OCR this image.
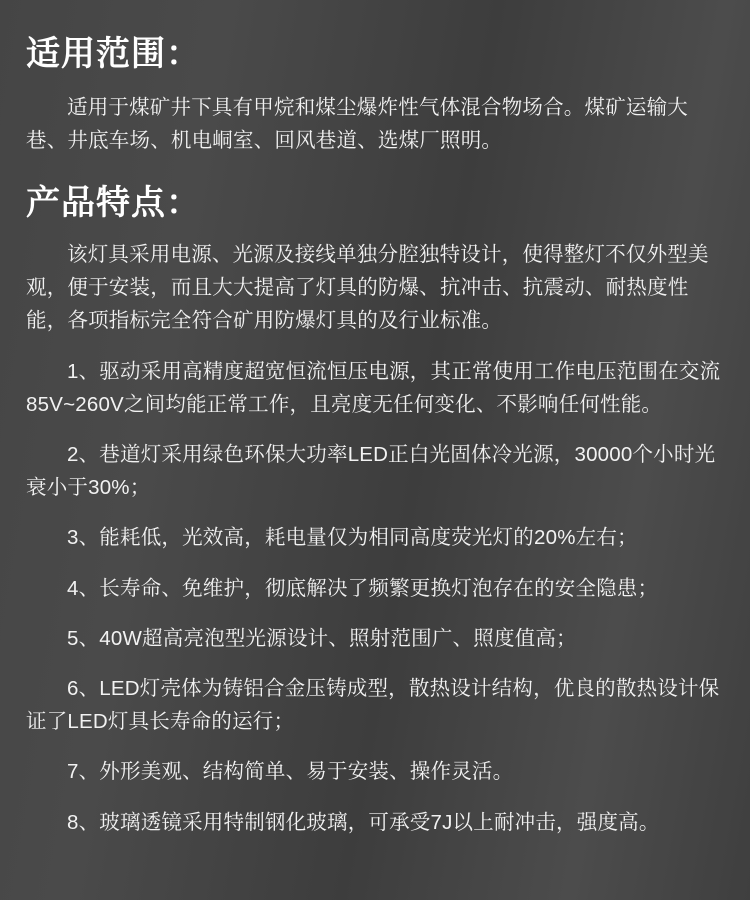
适用范围：

适用于煤矿井下具有甲烷和煤尘爆炸性气体混合物场合。煤矿运输大巷、井底车场、机电峒室、回风巷道、选煤厂照明。

产品特点：

该灯具采用电源、光源及接线单独分腔独特设计，使得整灯不仅外型美观，便于安装，而且大大提高了灯具的防爆、抗冲击、抗震动、耐热度性能，各项指标完全符合矿用防爆灯具的及行业标准。

1、驱动采用高精度超宽恒流恒压电源，其正常使用工作电压范围在交流85V~260V之间均能正常工作，且亮度无任何变化、不影响任何性能。

2、巷道灯采用绿色环保大功率LED正白光固体冷光源，30000个小时光衰小于30%；

3、能耗低，光效高，耗电量仅为相同高度荧光灯的20%左右；

4、长寿命、免维护，彻底解决了频繁更换灯泡存在的安全隐患；

5、40W超高亮泡型光源设计、照射范围广、照度值高；

6、LED灯壳体为铸铝合金压铸成型，散热设计结构，优良的散热设计保证了LED灯具长寿命的运行；

7、外形美观、结构简单、易于安装、操作灵活。

8、玻璃透镜采用特制钢化玻璃，可承受7J以上耐冲击，强度高。
